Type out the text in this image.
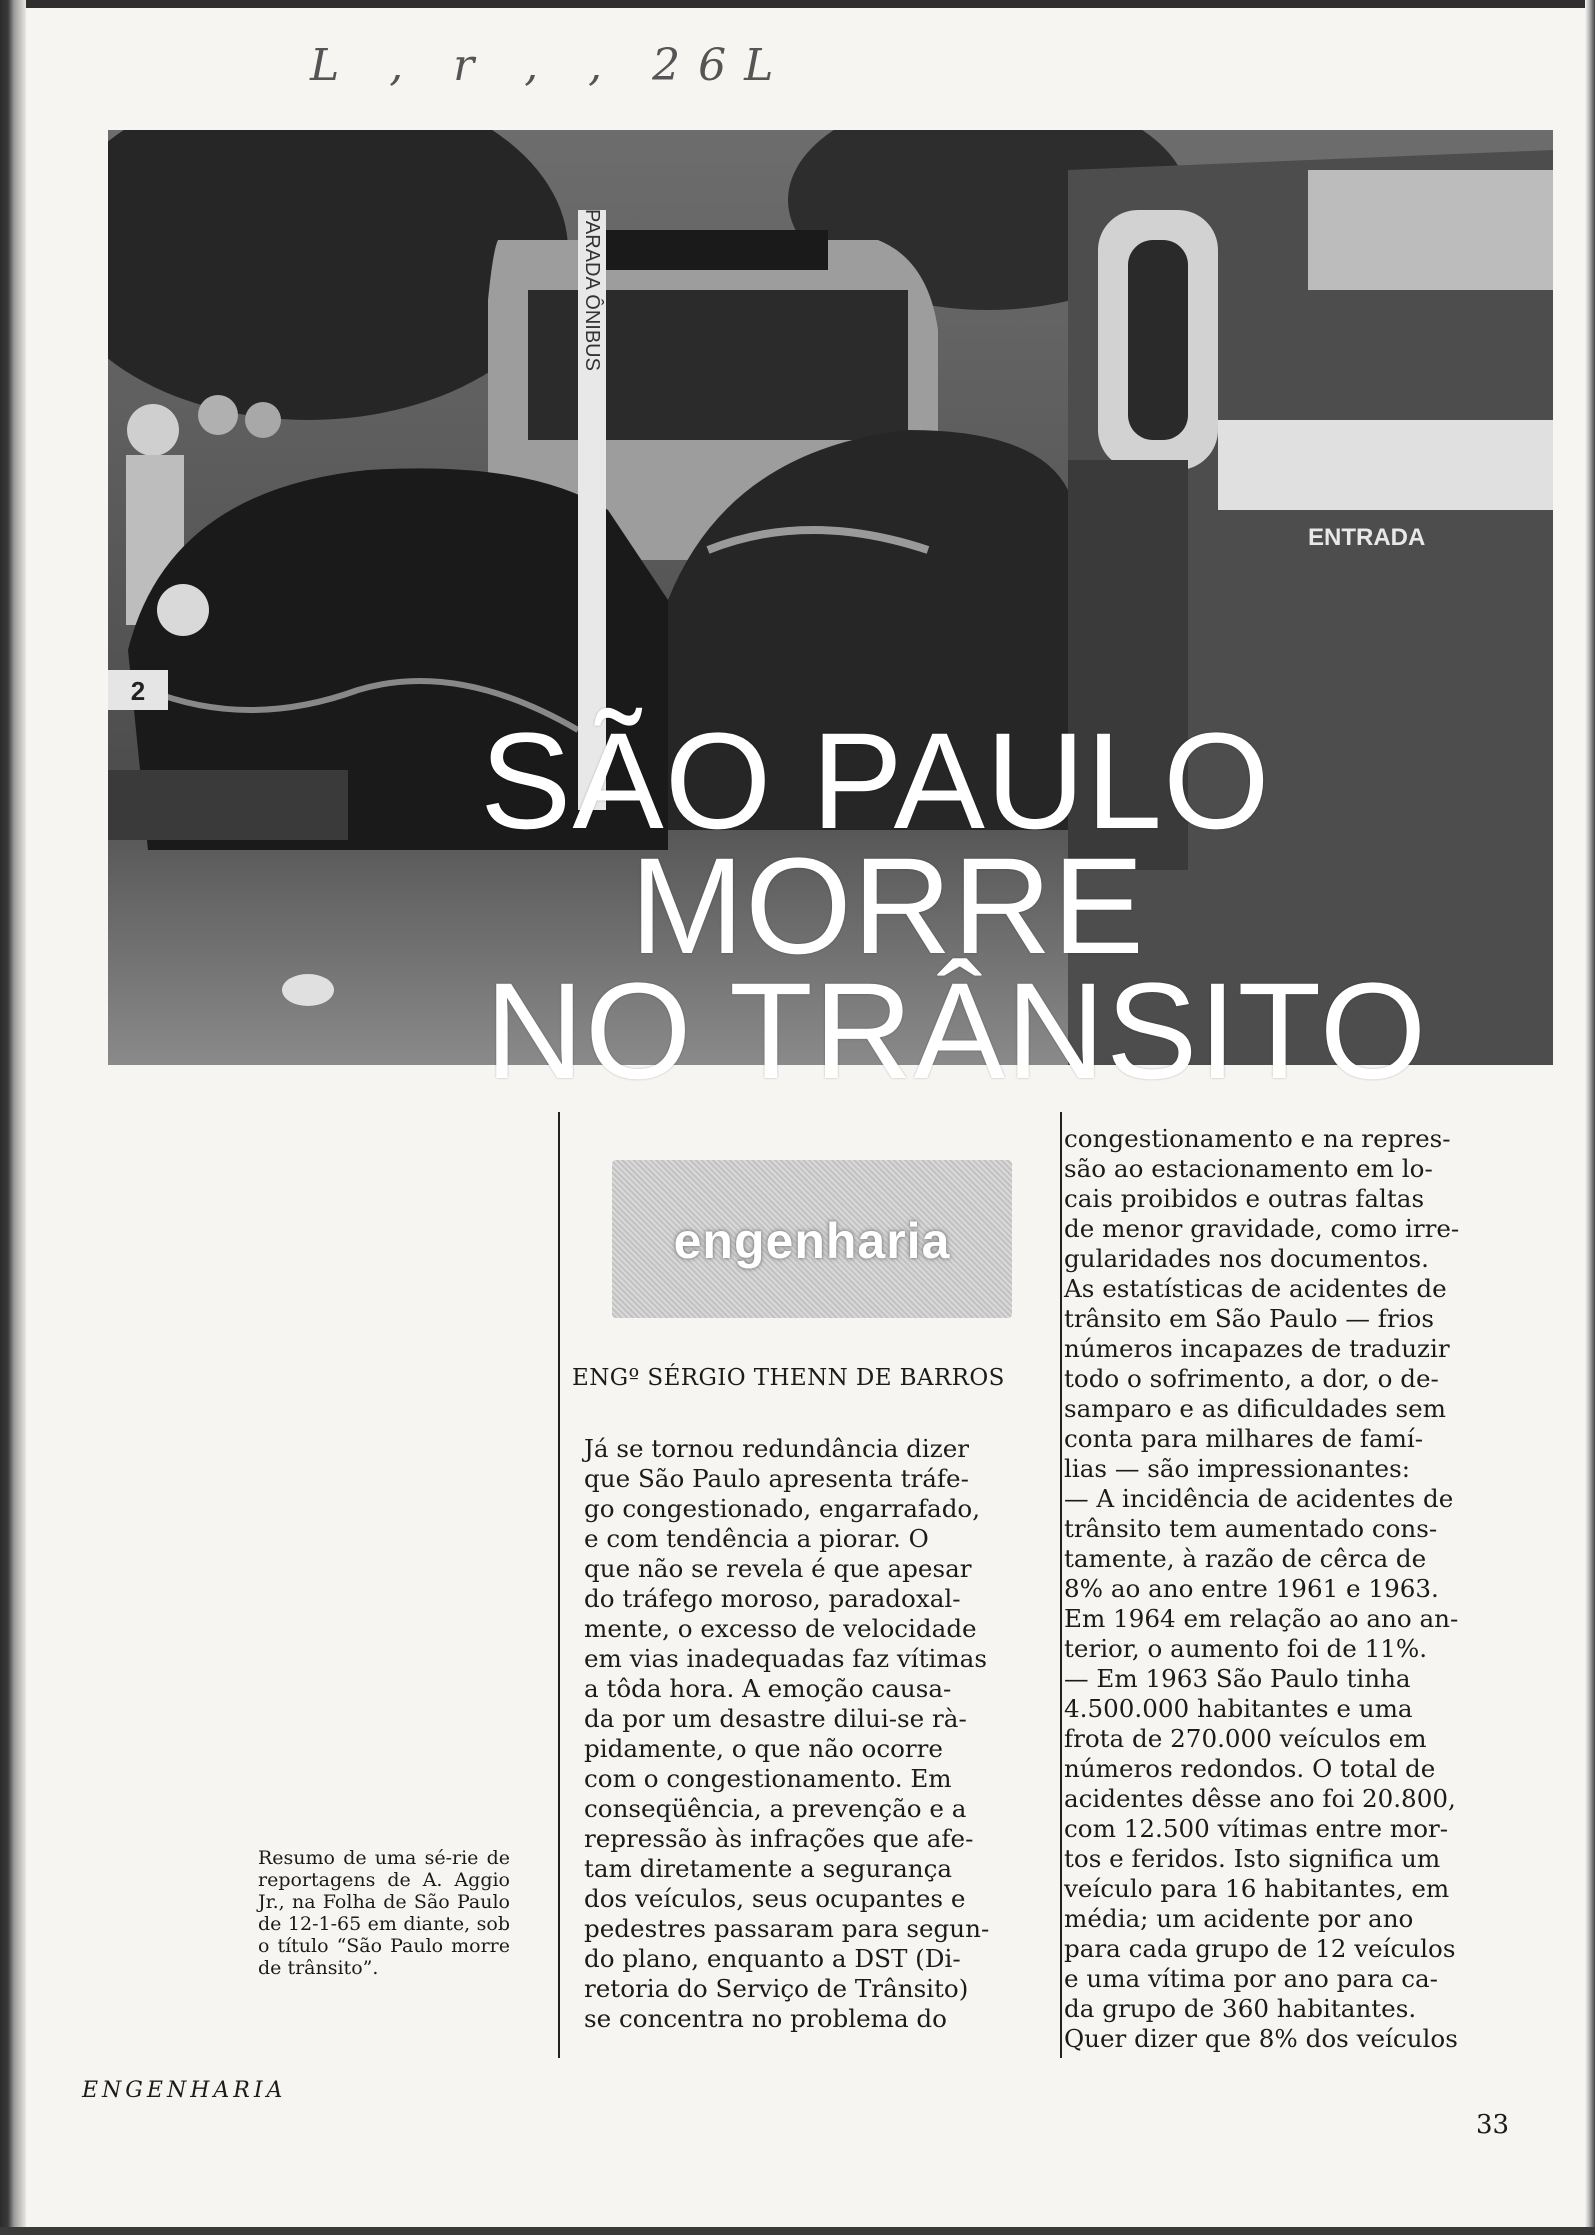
L , r , , 26L
PARADA ÔNIBUS
ENTRADA
2
SÃO PAULO
MORRE
NO TRÂNSITO
engenharia
ENGº SÉRGIO THENN DE BARROS

Já se tornou redundância dizer

que São Paulo apresenta tráfe-

go congestionado, engarrafado,

e com tendência a piorar. O

que não se revela é que apesar

do tráfego moroso, paradoxal-

mente, o excesso de velocidade

em vias inadequadas faz vítimas

a tôda hora. A emoção causa-

da por um desastre dilui-se rà-

pidamente, o que não ocorre

com o congestionamento. Em

conseqüência, a prevenção e a

repressão às infrações que afe-

tam diretamente a segurança

dos veículos, seus ocupantes e

pedestres passaram para segun-

do plano, enquanto a DST (Di-

retoria do Serviço de Trânsito)

se concentra no problema do

congestionamento e na repres-

são ao estacionamento em lo-

cais proibidos e outras faltas

de menor gravidade, como irre-

gularidades nos documentos.

As estatísticas de acidentes de

trânsito em São Paulo — frios

números incapazes de traduzir

todo o sofrimento, a dor, o de-

samparo e as dificuldades sem

conta para milhares de famí-

lias — são impressionantes:

— A incidência de acidentes de

trânsito tem aumentado cons-

tamente, à razão de cêrca de

8% ao ano entre 1961 e 1963.

Em 1964 em relação ao ano an-

terior, o aumento foi de 11%.

— Em 1963 São Paulo tinha

4.500.000 habitantes e uma

frota de 270.000 veículos em

números redondos. O total de

acidentes dêsse ano foi 20.800,

com 12.500 vítimas entre mor-

tos e feridos. Isto significa um

veículo para 16 habitantes, em

média; um acidente por ano

para cada grupo de 12 veículos

e uma vítima por ano para ca-

da grupo de 360 habitantes.

Quer dizer que 8% dos veículos

Resumo de uma sé-rie de reportagens de A. Aggio Jr., na Folha de São Paulo de 12-1-65 em diante, sob o título “São Paulo morre de trânsito”.
ENGENHARIA
33
